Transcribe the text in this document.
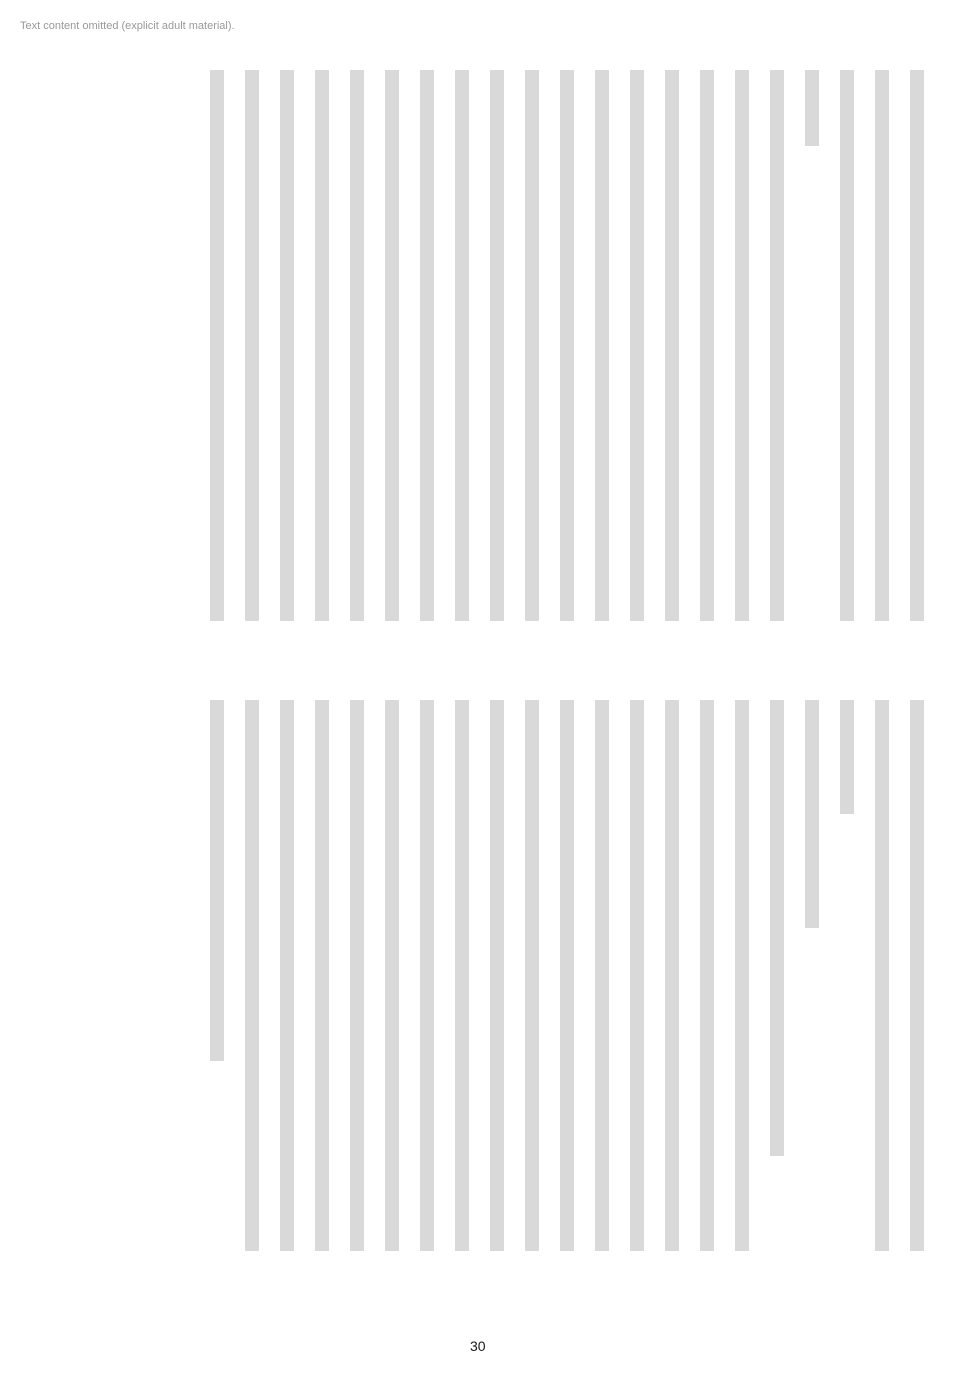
Text content omitted (explicit adult material).
30
